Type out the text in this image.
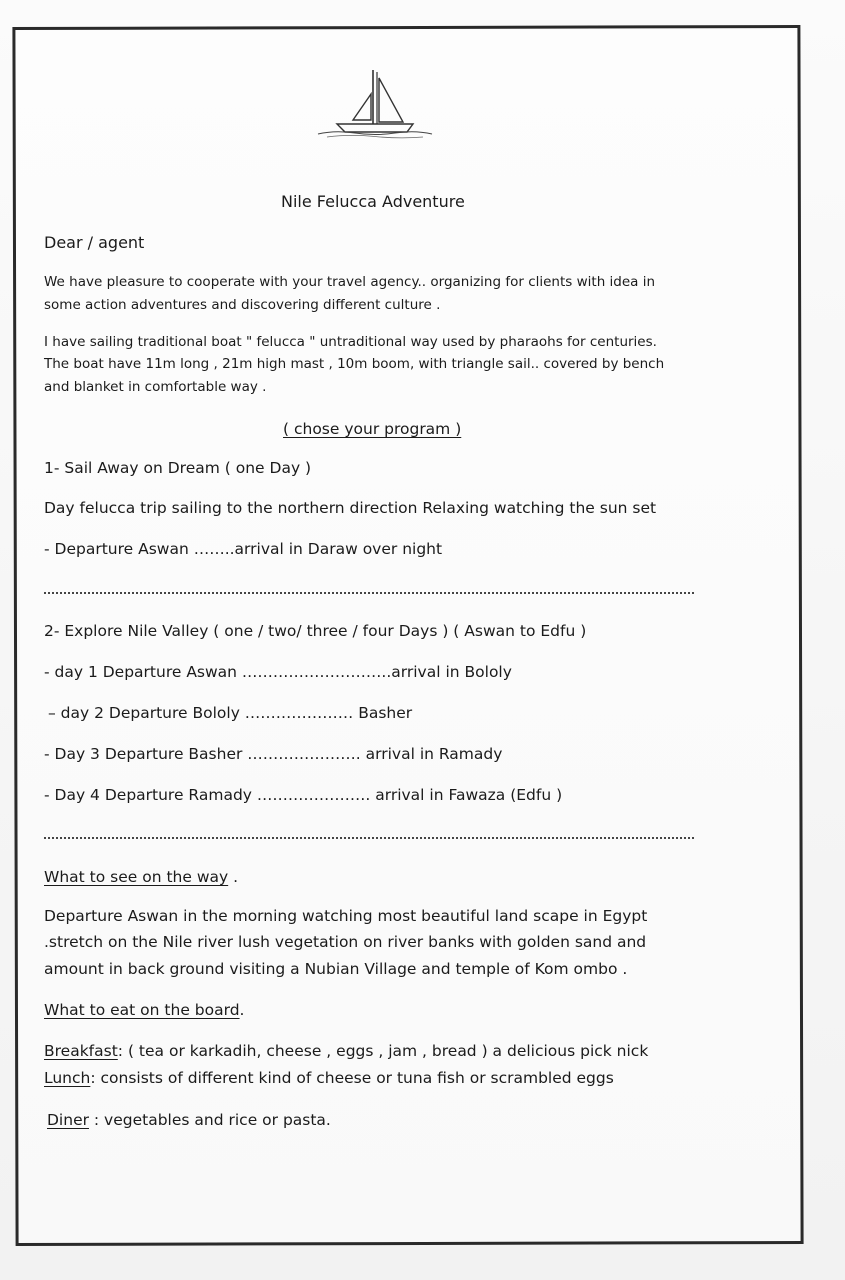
Nile Felucca Adventure

Dear / agent

We have pleasure to cooperate with your travel agency.. organizing for clients with idea in

some action adventures and discovering different culture .

I have sailing traditional boat " felucca " untraditional way used by pharaohs for centuries.

The boat have 11m long , 21m high mast , 10m boom, with triangle sail.. covered by bench

and blanket in comfortable way .

( chose your program )

1- Sail Away on Dream ( one Day )

Day felucca trip sailing to the northern direction Relaxing watching the sun set

- Departure Aswan ……..arrival in Daraw over night

2- Explore Nile Valley ( one / two/ three / four Days ) ( Aswan to Edfu )

- day 1 Departure Aswan ………………………..arrival in Bololy

– day 2 Departure Bololy ………………… Basher

- Day 3 Departure Basher …………………. arrival in Ramady

- Day 4 Departure Ramady …………………. arrival in Fawaza (Edfu )

What to see on the way .

Departure Aswan in the morning watching most beautiful land scape in Egypt

.stretch on the Nile river lush vegetation on river banks with golden sand and

amount in back ground visiting a Nubian Village and temple of Kom ombo .

What to eat on the board.

Breakfast: ( tea or karkadih, cheese , eggs , jam , bread ) a delicious pick nick

Lunch: consists of different kind of cheese or tuna fish or scrambled eggs

Diner : vegetables and rice or pasta.
